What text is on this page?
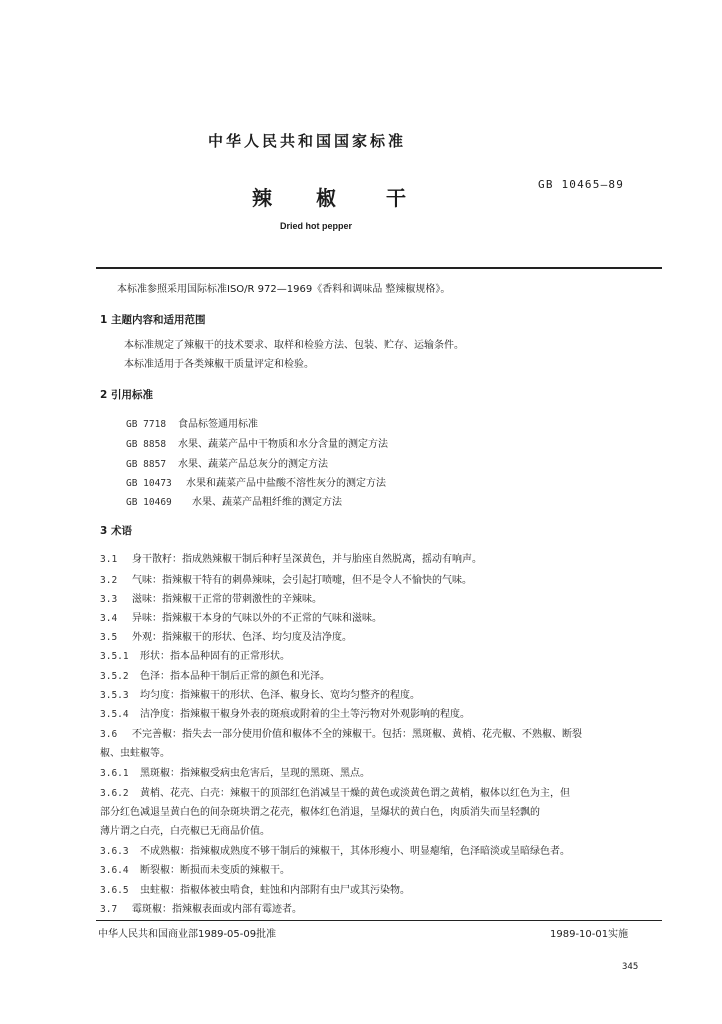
中华人民共和国国家标准
辣 椒	干
GB 10465—89
Dried hot pepper
本标准参照采用国际标准ISO/R 972—1969《香料和调味品 整辣椒规格》。
1 主题内容和适用范围
本标准规定了辣椒干的技术要求、取样和检验方法、包装、贮存、运输条件。
本标准适用于各类辣椒干质量评定和检验。
2 引用标准
GB 7718 食品标签通用标准
GB 8858 水果、蔬菜产品中干物质和水分含量的测定方法
GB 8857 水果、蔬菜产品总灰分的测定方法
GB 10473 水果和蔬菜产品中盐酸不溶性灰分的测定方法
GB 10469 水果、蔬菜产品粗纤维的测定方法
3 术语
3.1 身干散籽：指成熟辣椒干制后种籽呈深黄色，并与胎座自然脱离，摇动有响声。
3.2 气味：指辣椒干特有的刺鼻辣味，会引起打喷嚏，但不是令人不愉快的气味。
3.3 滋味：指辣椒干正常的带刺激性的辛辣味。
3.4 异味：指辣椒干本身的气味以外的不正常的气味和滋味。
3.5 外观：指辣椒干的形状、色泽、均匀度及洁净度。
3.5.1 形状：指本品种固有的正常形状。
3.5.2 色泽：指本品种干制后正常的颜色和光泽。
3.5.3 均匀度：指辣椒干的形状、色泽、椒身长、宽均匀整齐的程度。
3.5.4 洁净度：指辣椒干椒身外表的斑痕或附着的尘土等污物对外观影响的程度。
3.6 不完善椒：指失去一部分使用价值和椒体不全的辣椒干。包括：黑斑椒、黄梢、花壳椒、不熟椒、断裂
椒、虫蛀椒等。
3.6.1 黑斑椒：指辣椒受病虫危害后，呈现的黑斑、黑点。
3.6.2 黄梢、花壳、白壳：辣椒干的顶部红色消减呈干燥的黄色或淡黄色谓之黄梢，椒体以红色为主，但
部分红色减退呈黄白色的间杂斑块谓之花壳，椒体红色消退，呈爆状的黄白色，肉质消失而呈轻飘的
薄片谓之白壳，白壳椒已无商品价值。
3.6.3 不成熟椒：指辣椒成熟度不够干制后的辣椒干，其体形瘦小、明显瘪缩，色泽暗淡或呈暗绿色者。
3.6.4 断裂椒：断损而未变质的辣椒干。
3.6.5 虫蛀椒：指椒体被虫啃食，蛀蚀和内部附有虫尸或其污染物。
3.7 霉斑椒：指辣椒表面或内部有霉迹者。
中华人民共和国商业部1989-05-09批准	1989-10-01实施
345
